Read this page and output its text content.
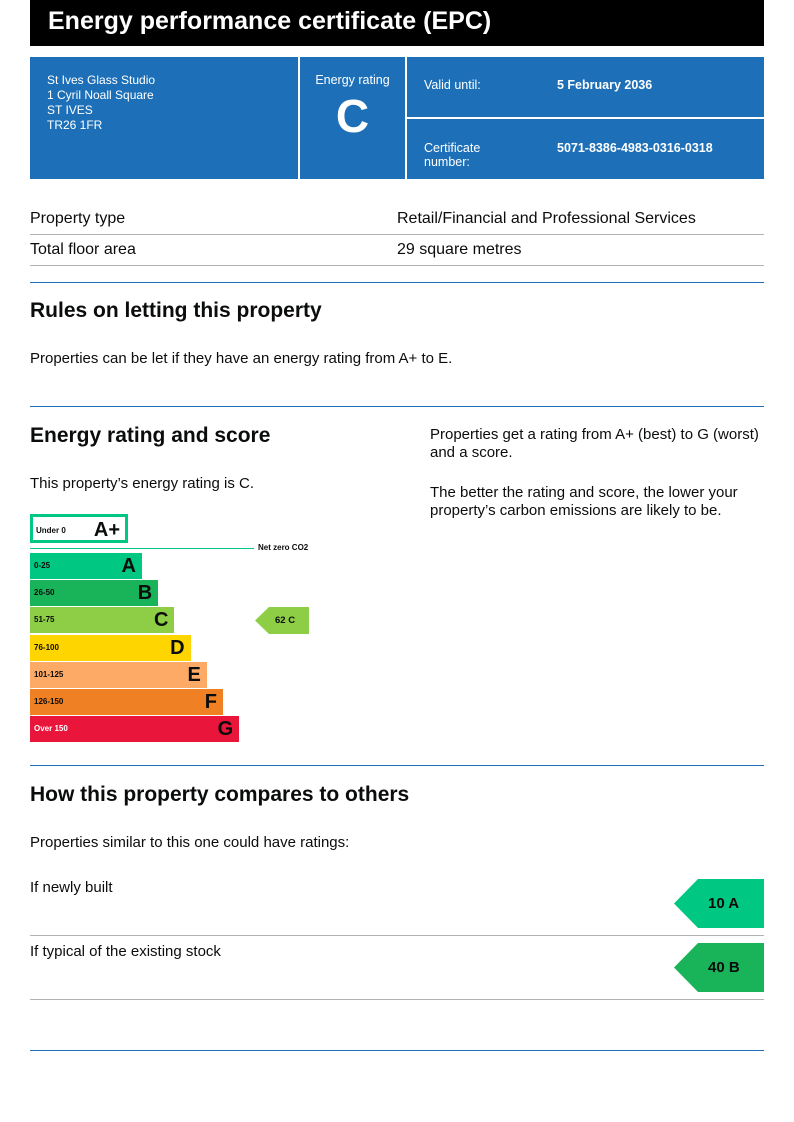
Energy performance certificate (EPC)
St Ives Glass Studio
1 Cyril Noall Square
ST IVES
TR26 1FR
Energy rating
C
Valid until:	5 February 2036
Certificate number:
5071-8386-4983-0316-0318
Property type	Retail/Financial and Professional Services
Total floor area	29 square metres
Rules on letting this property
Properties can be let if they have an energy rating from A+ to E.
Energy rating and score
This property’s energy rating is C.
Properties get a rating from A+ (best) to G (worst) and a score.
The better the rating and score, the lower your property’s carbon emissions are likely to be.
Under 0 A+
Net zero CO2
0-25	A
26-50	B
51-75	C
76-100	D
101-125	E
126-150	F
Over 150	G
62 C
How this property compares to others
Properties similar to this one could have ratings:
If newly built
10 A
If typical of the existing stock
40 B
